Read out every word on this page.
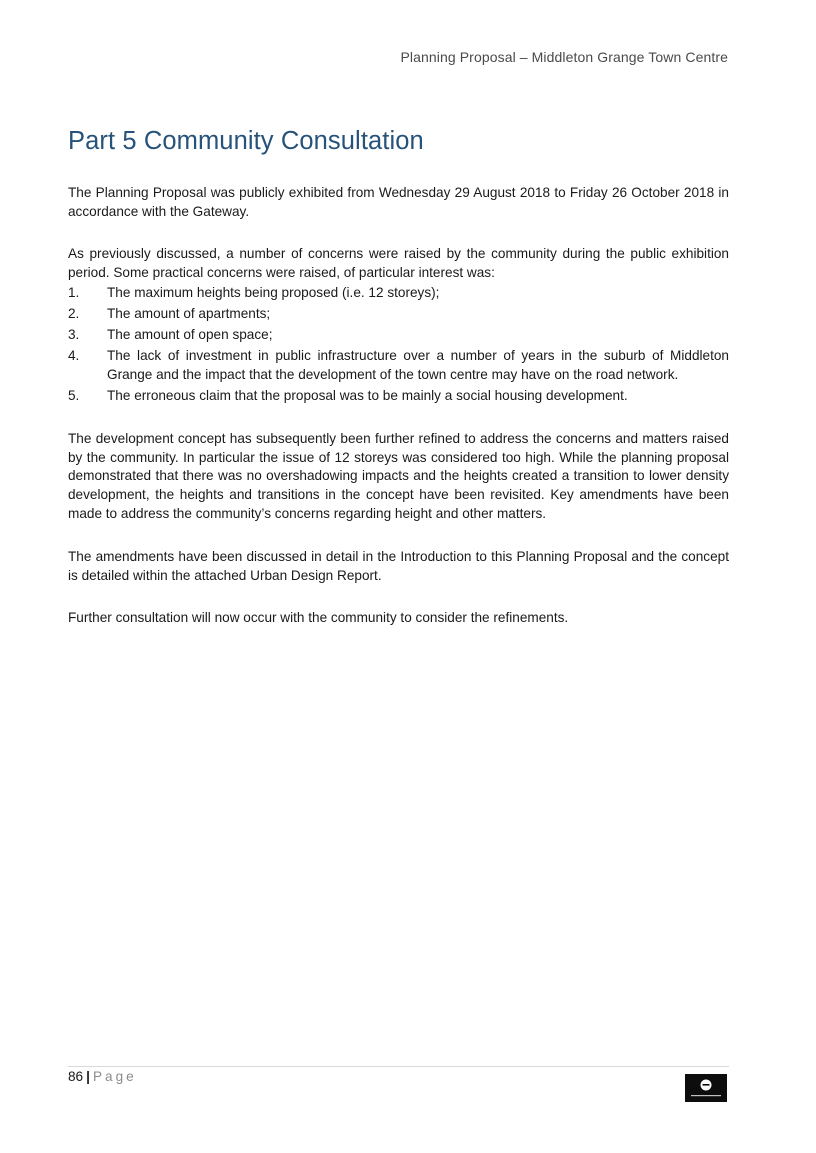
Planning Proposal – Middleton Grange Town Centre
Part 5 Community Consultation

The Planning Proposal was publicly exhibited from Wednesday 29 August 2018 to Friday 26 October 2018 in accordance with the Gateway.

As previously discussed, a number of concerns were raised by the community during the public exhibition period. Some practical concerns were raised, of particular interest was:

1. The maximum heights being proposed (i.e. 12 storeys);
2. The amount of apartments;
3. The amount of open space;
4. The lack of investment in public infrastructure over a number of years in the suburb of Middleton Grange and the impact that the development of the town centre may have on the road network.
5. The erroneous claim that the proposal was to be mainly a social housing development.

The development concept has subsequently been further refined to address the concerns and matters raised by the community. In particular the issue of 12 storeys was considered too high. While the planning proposal demonstrated that there was no overshadowing impacts and the heights created a transition to lower density development, the heights and transitions in the concept have been revisited. Key amendments have been made to address the community’s concerns regarding height and other matters.

The amendments have been discussed in detail in the Introduction to this Planning Proposal and the concept is detailed within the attached Urban Design Report.

Further consultation will now occur with the community to consider the refinements.

86 | Page
